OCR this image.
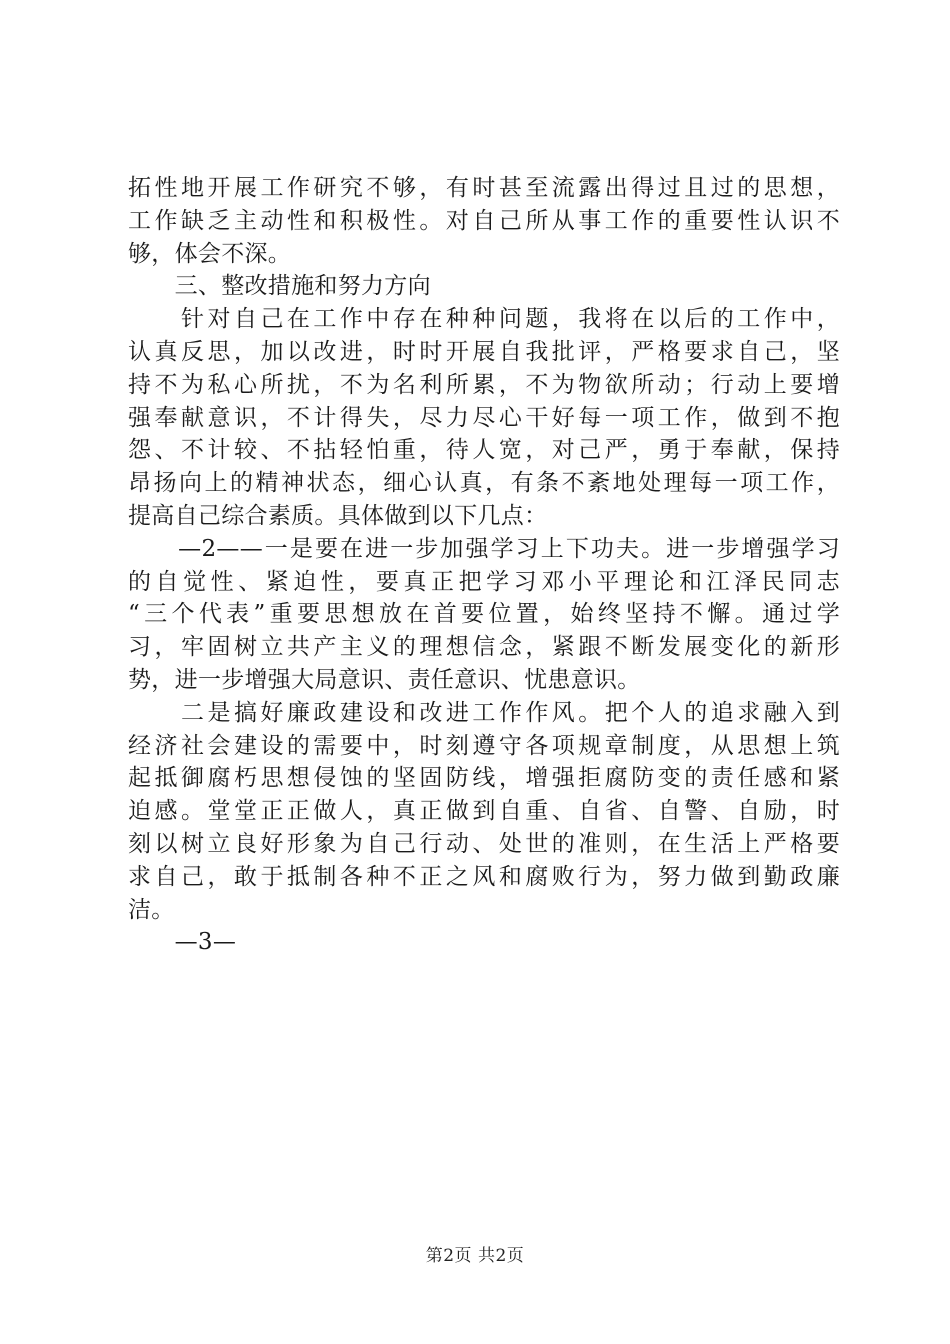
拓性地开展工作研究不够，有时甚至流露出得过且过的思想，
工作缺乏主动性和积极性。对自己所从事工作的重要性认识不
够，体会不深。
　　三、整改措施和努力方向
　　针对自己在工作中存在种种问题，我将在以后的工作中，
认真反思，加以改进，时时开展自我批评，严格要求自己，坚
持不为私心所扰，不为名利所累，不为物欲所动；行动上要增
强奉献意识，不计得失，尽力尽心干好每一项工作，做到不抱
怨、不计较、不拈轻怕重，待人宽，对己严，勇于奉献，保持
昂扬向上的精神状态，细心认真，有条不紊地处理每一项工作，
提高自己综合素质。具体做到以下几点：
　　—2——一是要在进一步加强学习上下功夫。进一步增强学习
的自觉性、紧迫性，要真正把学习邓小平理论和江泽民同志
“三个代表”重要思想放在首要位置，始终坚持不懈。通过学
习，牢固树立共产主义的理想信念，紧跟不断发展变化的新形
势，进一步增强大局意识、责任意识、忧患意识。
　　二是搞好廉政建设和改进工作作风。把个人的追求融入到
经济社会建设的需要中，时刻遵守各项规章制度，从思想上筑
起抵御腐朽思想侵蚀的坚固防线，增强拒腐防变的责任感和紧
迫感。堂堂正正做人，真正做到自重、自省、自警、自励，时
刻以树立良好形象为自己行动、处世的准则，在生活上严格要
求自己，敢于抵制各种不正之风和腐败行为，努力做到勤政廉
洁。
　　—3—
第2页 共2页
